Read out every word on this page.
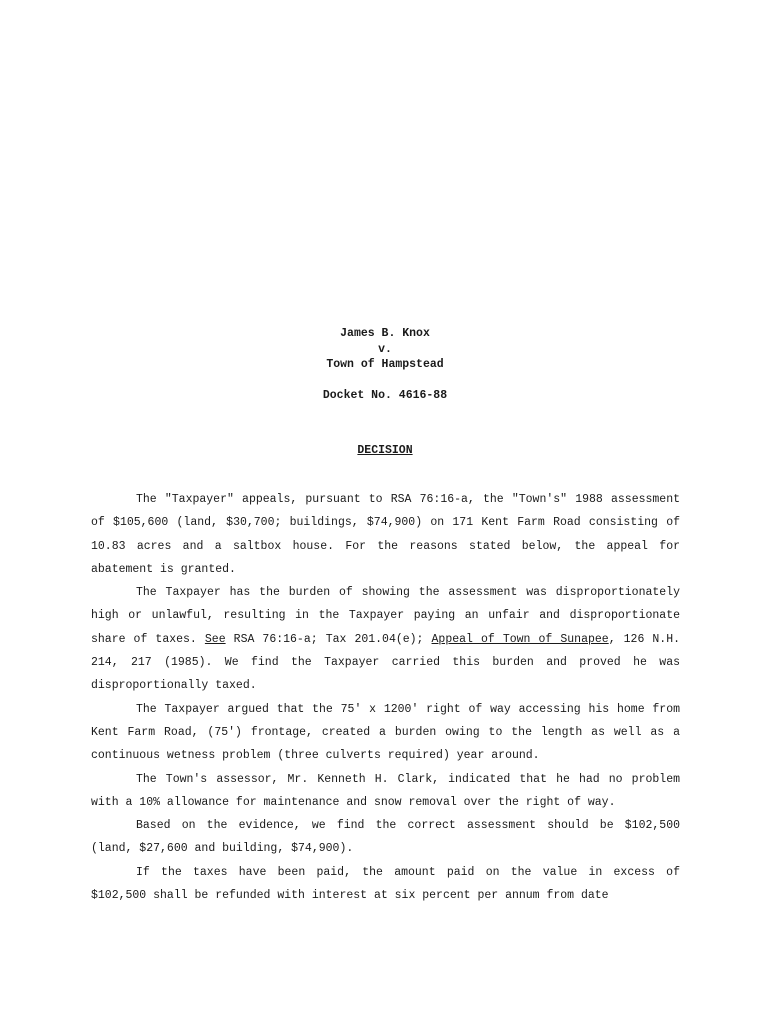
James B. Knox
v.
Town of Hampstead
Docket No. 4616-88
DECISION

The "Taxpayer" appeals, pursuant to RSA 76:16-a, the "Town's" 1988 assessment of $105,600 (land, $30,700; buildings, $74,900) on 171 Kent Farm Road consisting of 10.83 acres and a saltbox house. For the reasons stated below, the appeal for abatement is granted.

The Taxpayer has the burden of showing the assessment was disproportionately high or unlawful, resulting in the Taxpayer paying an unfair and disproportionate share of taxes. See RSA 76:16-a; Tax 201.04(e); Appeal of Town of Sunapee, 126 N.H. 214, 217 (1985). We find the Taxpayer carried this burden and proved he was disproportionally taxed.

The Taxpayer argued that the 75' x 1200' right of way accessing his home from Kent Farm Road, (75') frontage, created a burden owing to the length as well as a continuous wetness problem (three culverts required) year around.

The Town's assessor, Mr. Kenneth H. Clark, indicated that he had no problem with a 10% allowance for maintenance and snow removal over the right of way.

Based on the evidence, we find the correct assessment should be $102,500 (land, $27,600 and building, $74,900).

If the taxes have been paid, the amount paid on the value in excess of $102,500 shall be refunded with interest at six percent per annum from date
